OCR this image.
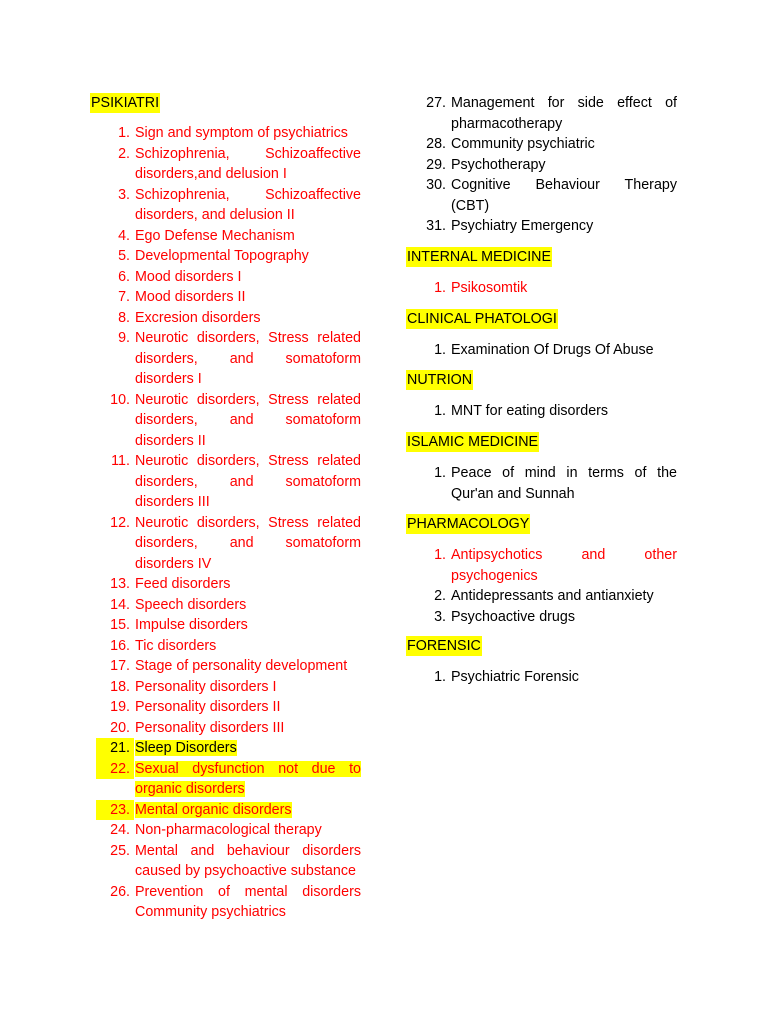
PSIKIATRI
1. Sign and symptom of psychiatrics
2. Schizophrenia, Schizoaffective disorders,and delusion I
3. Schizophrenia, Schizoaffective disorders, and delusion II
4. Ego Defense Mechanism
5. Developmental Topography
6. Mood disorders I
7. Mood disorders II
8. Excresion disorders
9. Neurotic disorders, Stress related disorders, and somatoform disorders I
10. Neurotic disorders, Stress related disorders, and somatoform disorders II
11. Neurotic disorders, Stress related disorders, and somatoform disorders III
12. Neurotic disorders, Stress related disorders, and somatoform disorders IV
13. Feed disorders
14. Speech disorders
15. Impulse disorders
16. Tic disorders
17. Stage of personality development
18. Personality disorders I
19. Personality disorders II
20. Personality disorders III
21. Sleep Disorders
22. Sexual dysfunction not due to organic disorders
23. Mental organic disorders
24. Non-pharmacological therapy
25. Mental and behaviour disorders caused by psychoactive substance
26. Prevention of mental disorders Community psychiatrics
27. Management for side effect of pharmacotherapy
28. Community psychiatric
29. Psychotherapy
30. Cognitive Behaviour Therapy (CBT)
31. Psychiatry Emergency
INTERNAL MEDICINE
1. Psikosomtik
CLINICAL PHATOLOGI
1. Examination Of Drugs Of Abuse
NUTRION
1. MNT for eating disorders
ISLAMIC MEDICINE
1. Peace of mind in terms of the Qur'an and Sunnah
PHARMACOLOGY
1. Antipsychotics and other psychogenics
2. Antidepressants and antianxiety
3. Psychoactive drugs
FORENSIC
1. Psychiatric Forensic
